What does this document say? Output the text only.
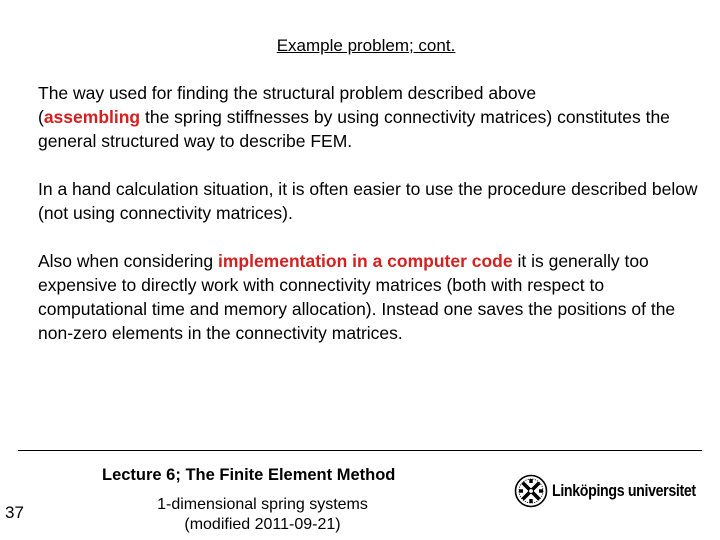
Example problem; cont.

The way used for finding the structural problem described above
(assembling the spring stiffnesses by using connectivity matrices) constitutes the general structured way to describe FEM.

In a hand calculation situation, it is often easier to use the procedure described below (not using connectivity matrices).

Also when considering implementation in a computer code it is generally too expensive to directly work with connectivity matrices (both with respect to computational time and memory allocation). Instead one saves the positions of the non-zero elements in the connectivity matrices.

Lecture 6; The Finite Element Method
37	1-dimensional spring systems
(modified 2011-09-21)
Linköpings universitet
